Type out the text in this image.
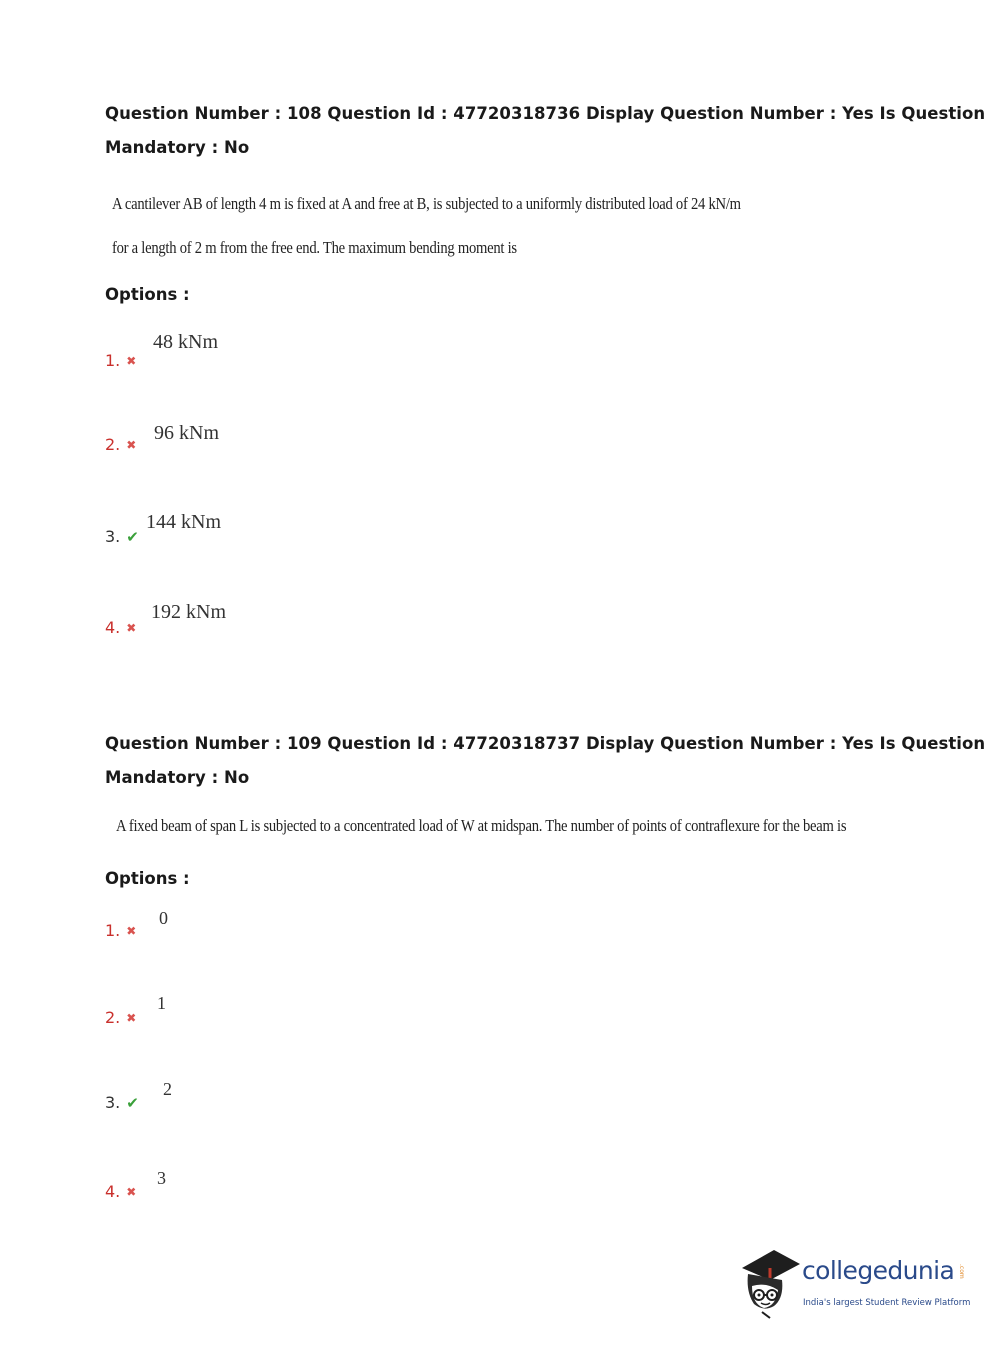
Question Number : 108 Question Id : 47720318736 Display Question Number : Yes Is Question
Mandatory : No
A cantilever AB of length 4 m is fixed at A and free at B, is subjected to a uniformly distributed load of 24 kN/m
for a length of 2 m from the free end. The maximum bending moment is
Options :
1. ✖
48 kNm
2. ✖
96 kNm
3. ✔
144 kNm
4. ✖
192 kNm
Question Number : 109 Question Id : 47720318737 Display Question Number : Yes Is Question
Mandatory : No
A fixed beam of span L is subjected to a concentrated load of W at midspan. The number of points of contraflexure for the beam is
Options :
1. ✖
0
2. ✖
1
3. ✔
2
4. ✖
3
collegedunia .com
India's largest Student Review Platform
